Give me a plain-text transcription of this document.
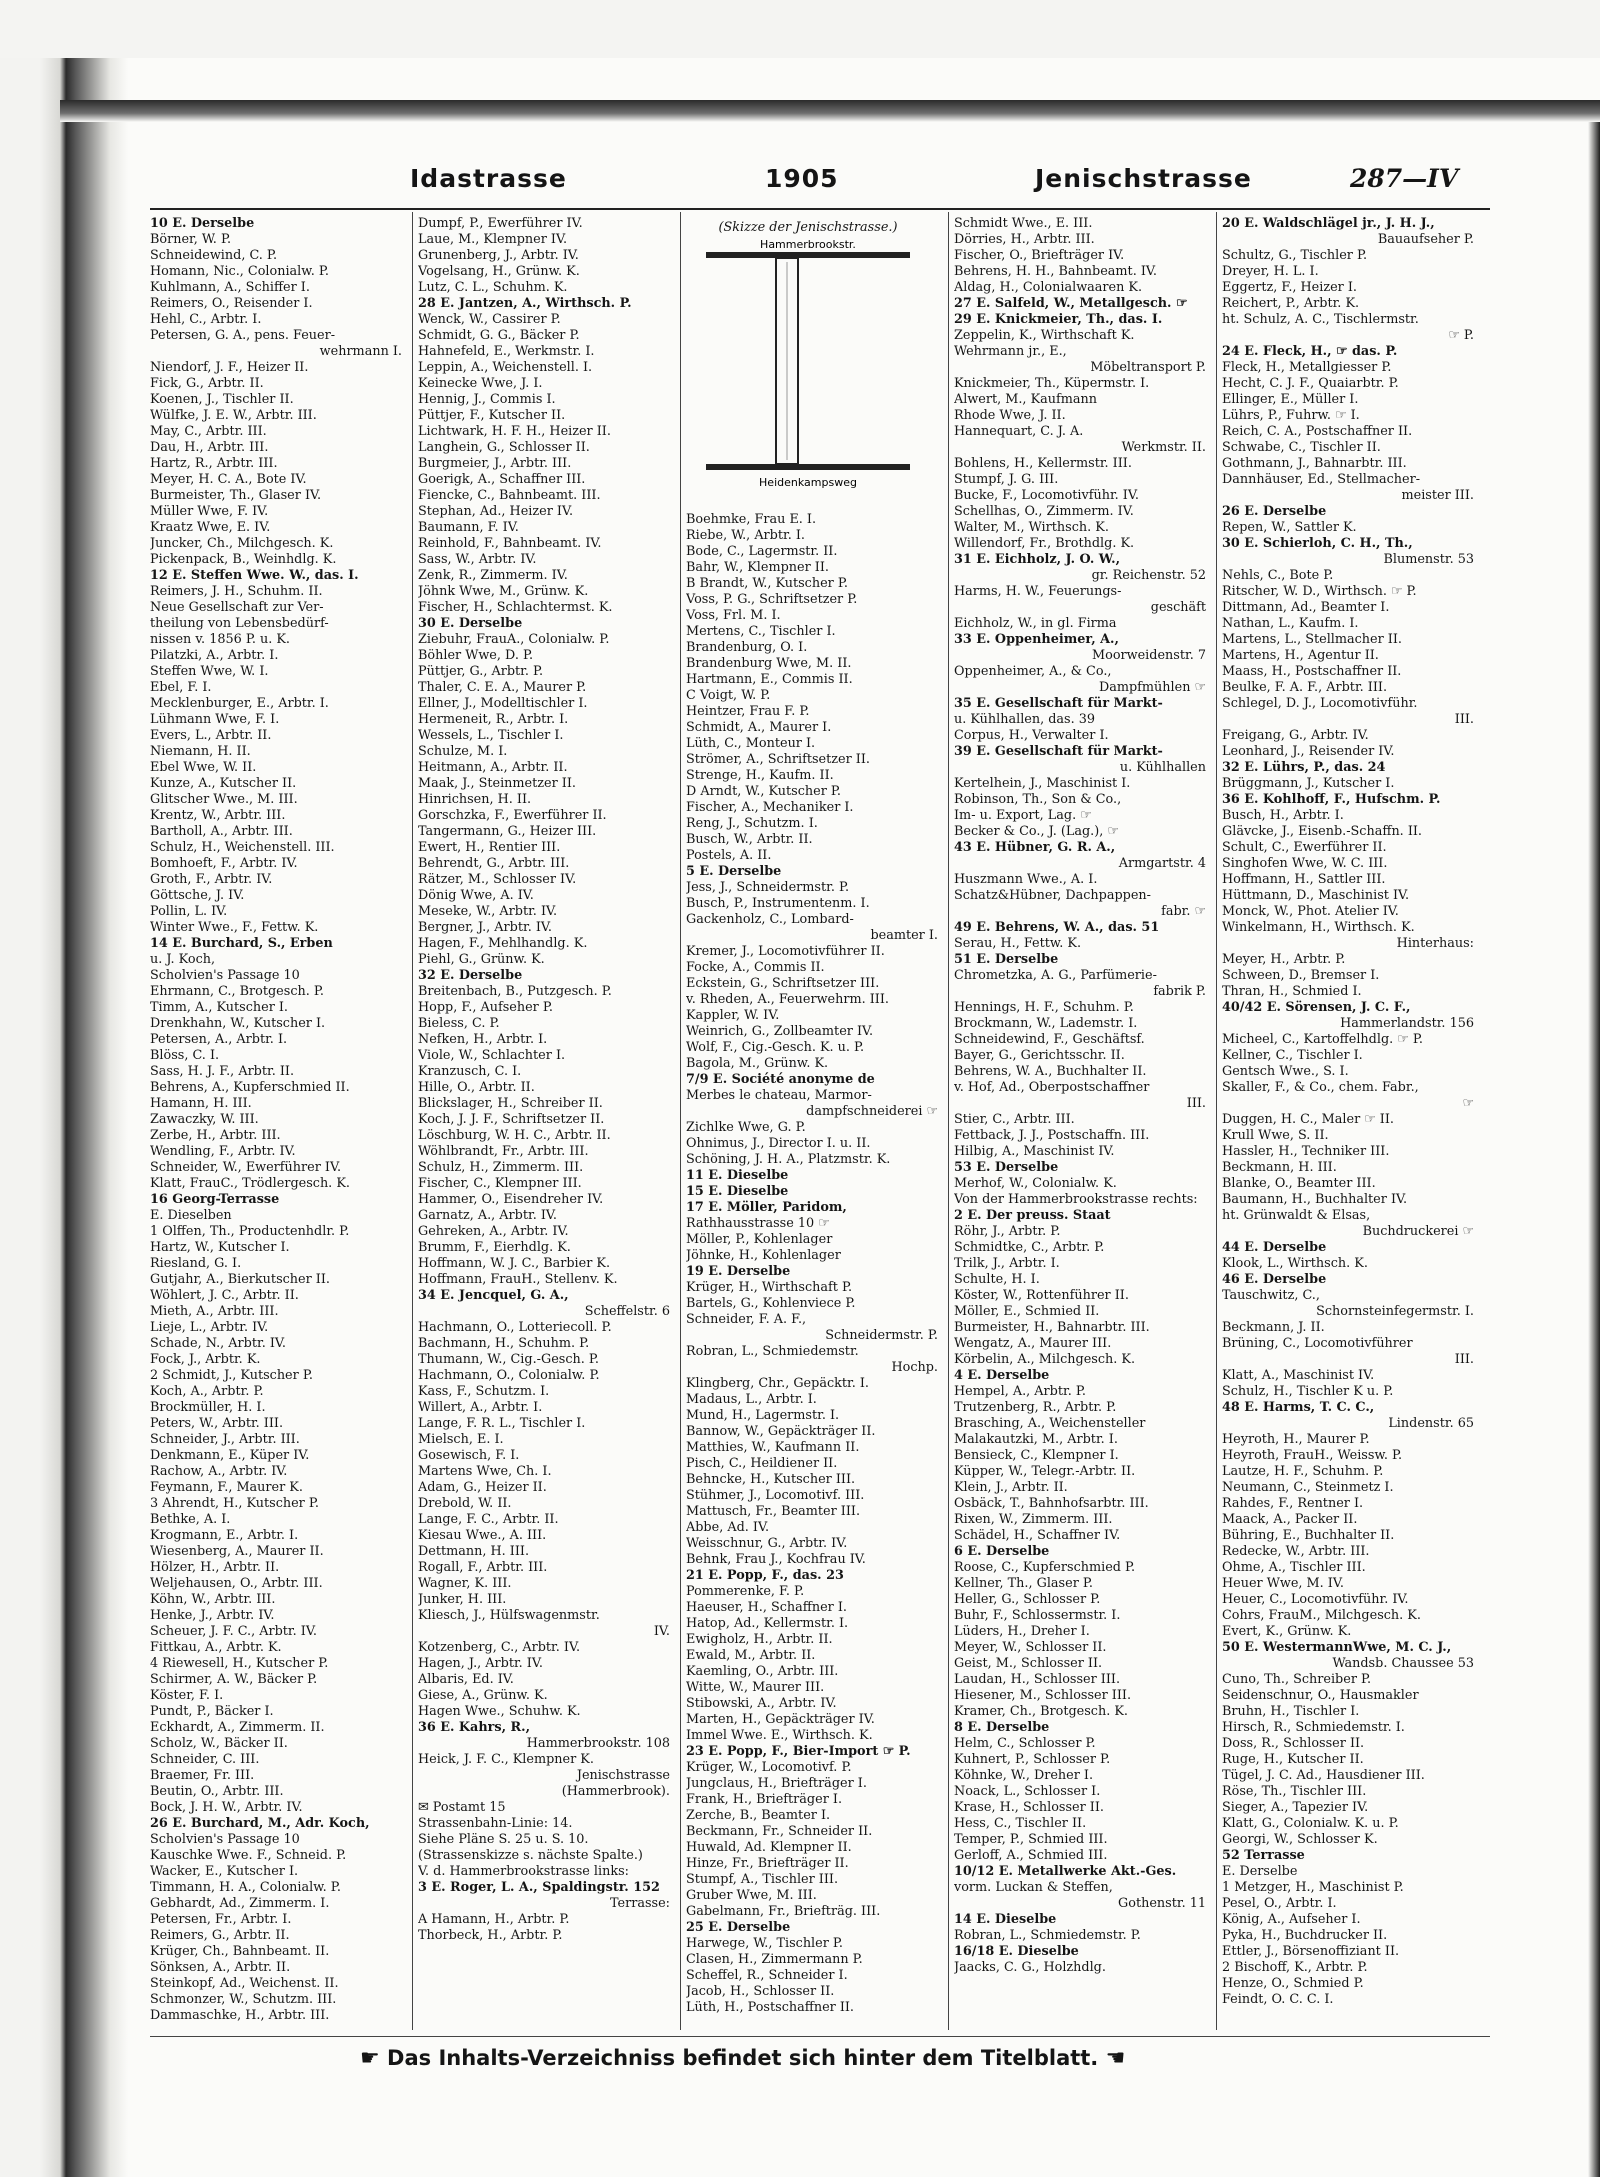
Idastrasse	1905	Jenischstrasse	287—IV
10 E. Derselbe
Börner, W. P.
Schneidewind, C. P.
Homann, Nic., Colonialw. P.
Kuhlmann, A., Schiffer I.
Reimers, O., Reisender I.
Hehl, C., Arbtr. I.
Petersen, G. A., pens. Feuer-
wehrmann I.
Niendorf, J. F., Heizer II.
Fick, G., Arbtr. II.
Koenen, J., Tischler II.
Wülfke, J. E. W., Arbtr. III.
May, C., Arbtr. III.
Dau, H., Arbtr. III.
Hartz, R., Arbtr. III.
Meyer, H. C. A., Bote IV.
Burmeister, Th., Glaser IV.
Müller Wwe, F. IV.
Kraatz Wwe, E. IV.
Juncker, Ch., Milchgesch. K.
Pickenpack, B., Weinhdlg. K.
12 E. Steffen Wwe. W., das. I.
Reimers, J. H., Schuhm. II.
Neue Gesellschaft zur Ver-
theilung von Lebensbedürf-
nissen v. 1856 P. u. K.
Pilatzki, A., Arbtr. I.
Steffen Wwe, W. I.
Ebel, F. I.
Mecklenburger, E., Arbtr. I.
Lühmann Wwe, F. I.
Evers, L., Arbtr. II.
Niemann, H. II.
Ebel Wwe, W. II.
Kunze, A., Kutscher II.
Glitscher Wwe., M. III.
Krentz, W., Arbtr. III.
Bartholl, A., Arbtr. III.
Schulz, H., Weichenstell. III.
Bomhoeft, F., Arbtr. IV.
Groth, F., Arbtr. IV.
Göttsche, J. IV.
Pollin, L. IV.
Winter Wwe., F., Fettw. K.
14 E. Burchard, S., Erben
u. J. Koch,
Scholvien's Passage 10
Ehrmann, C., Brotgesch. P.
Timm, A., Kutscher I.
Drenkhahn, W., Kutscher I.
Petersen, A., Arbtr. I.
Blöss, C. I.
Sass, H. J. F., Arbtr. II.
Behrens, A., Kupferschmied II.
Hamann, H. III.
Zawaczky, W. III.
Zerbe, H., Arbtr. III.
Wendling, F., Arbtr. IV.
Schneider, W., Ewerführer IV.
Klatt, FrauC., Trödlergesch. K.
16 Georg-Terrasse
E. Dieselben
1 Olffen, Th., Productenhdlr. P.
Hartz, W., Kutscher I.
Riesland, G. I.
Gutjahr, A., Bierkutscher II.
Wöhlert, J. C., Arbtr. II.
Mieth, A., Arbtr. III.
Lieje, L., Arbtr. IV.
Schade, N., Arbtr. IV.
Fock, J., Arbtr. K.
2 Schmidt, J., Kutscher P.
Koch, A., Arbtr. P.
Brockmüller, H. I.
Peters, W., Arbtr. III.
Schneider, J., Arbtr. III.
Denkmann, E., Küper IV.
Rachow, A., Arbtr. IV.
Feymann, F., Maurer K.
3 Ahrendt, H., Kutscher P.
Bethke, A. I.
Krogmann, E., Arbtr. I.
Wiesenberg, A., Maurer II.
Hölzer, H., Arbtr. II.
Weljehausen, O., Arbtr. III.
Köhn, W., Arbtr. III.
Henke, J., Arbtr. IV.
Scheuer, J. F. C., Arbtr. IV.
Fittkau, A., Arbtr. K.
4 Riewesell, H., Kutscher P.
Schirmer, A. W., Bäcker P.
Köster, F. I.
Pundt, P., Bäcker I.
Eckhardt, A., Zimmerm. II.
Scholz, W., Bäcker II.
Schneider, C. III.
Braemer, Fr. III.
Beutin, O., Arbtr. III.
Bock, J. H. W., Arbtr. IV.
26 E. Burchard, M., Adr. Koch,
Scholvien's Passage 10
Kauschke Wwe. F., Schneid. P.
Wacker, E., Kutscher I.
Timmann, H. A., Colonialw. P.
Gebhardt, Ad., Zimmerm. I.
Petersen, Fr., Arbtr. I.
Reimers, G., Arbtr. II.
Krüger, Ch., Bahnbeamt. II.
Sönksen, A., Arbtr. II.
Steinkopf, Ad., Weichenst. II.
Schmonzer, W., Schutzm. III.
Dammaschke, H., Arbtr. III.
Dumpf, P., Ewerführer IV.
Laue, M., Klempner IV.
Grunenberg, J., Arbtr. IV.
Vogelsang, H., Grünw. K.
Lutz, C. L., Schuhm. K.
28 E. Jantzen, A., Wirthsch. P.
Wenck, W., Cassirer P.
Schmidt, G. G., Bäcker P.
Hahnefeld, E., Werkmstr. I.
Leppin, A., Weichenstell. I.
Keinecke Wwe, J. I.
Hennig, J., Commis I.
Püttjer, F., Kutscher II.
Lichtwark, H. F. H., Heizer II.
Langhein, G., Schlosser II.
Burgmeier, J., Arbtr. III.
Goerigk, A., Schaffner III.
Fiencke, C., Bahnbeamt. III.
Stephan, Ad., Heizer IV.
Baumann, F. IV.
Reinhold, F., Bahnbeamt. IV.
Sass, W., Arbtr. IV.
Zenk, R., Zimmerm. IV.
Jöhnk Wwe, M., Grünw. K.
Fischer, H., Schlachtermst. K.
30 E. Derselbe
Ziebuhr, FrauA., Colonialw. P.
Böhler Wwe, D. P.
Püttjer, G., Arbtr. P.
Thaler, C. E. A., Maurer P.
Ellner, J., Modelltischler I.
Hermeneit, R., Arbtr. I.
Wessels, L., Tischler I.
Schulze, M. I.
Heitmann, A., Arbtr. II.
Maak, J., Steinmetzer II.
Hinrichsen, H. II.
Gorschzka, F., Ewerführer II.
Tangermann, G., Heizer III.
Ewert, H., Rentier III.
Behrendt, G., Arbtr. III.
Rätzer, M., Schlosser IV.
Dönig Wwe, A. IV.
Meseke, W., Arbtr. IV.
Bergner, J., Arbtr. IV.
Hagen, F., Mehlhandlg. K.
Piehl, G., Grünw. K.
32 E. Derselbe
Breitenbach, B., Putzgesch. P.
Hopp, F., Aufseher P.
Bieless, C. P.
Nefken, H., Arbtr. I.
Viole, W., Schlachter I.
Kranzusch, C. I.
Hille, O., Arbtr. II.
Blickslager, H., Schreiber II.
Koch, J. J. F., Schriftsetzer II.
Löschburg, W. H. C., Arbtr. II.
Wöhlbrandt, Fr., Arbtr. III.
Schulz, H., Zimmerm. III.
Fischer, C., Klempner III.
Hammer, O., Eisendreher IV.
Garnatz, A., Arbtr. IV.
Gehreken, A., Arbtr. IV.
Brumm, F., Eierhdlg. K.
Hoffmann, W. J. C., Barbier K.
Hoffmann, FrauH., Stellenv. K.
34 E. Jencquel, G. A.,
Scheffelstr. 6
Hachmann, O., Lotteriecoll. P.
Bachmann, H., Schuhm. P.
Thumann, W., Cig.-Gesch. P.
Hachmann, O., Colonialw. P.
Kass, F., Schutzm. I.
Willert, A., Arbtr. I.
Lange, F. R. L., Tischler I.
Mielsch, E. I.
Gosewisch, F. I.
Martens Wwe, Ch. I.
Adam, G., Heizer II.
Drebold, W. II.
Lange, F. C., Arbtr. II.
Kiesau Wwe., A. III.
Dettmann, H. III.
Rogall, F., Arbtr. III.
Wagner, K. III.
Junker, H. III.
Kliesch, J., Hülfswagenmstr.
IV.
Kotzenberg, C., Arbtr. IV.
Hagen, J., Arbtr. IV.
Albaris, Ed. IV.
Giese, A., Grünw. K.
Hagen Wwe., Schuhw. K.
36 E. Kahrs, R.,
Hammerbrookstr. 108
Heick, J. F. C., Klempner K.
Jenischstrasse
(Hammerbrook).
✉ Postamt 15
Strassenbahn-Linie: 14.
Siehe Pläne S. 25 u. S. 10.
(Strassenskizze s. nächste Spalte.)
V. d. Hammerbrookstrasse links:
3 E. Roger, L. A., Spaldingstr. 152
Terrasse:
A Hamann, H., Arbtr. P.
Thorbeck, H., Arbtr. P.
(Skizze der Jenischstrasse.)
Hammerbrookstr.
Heidenkampsweg
Boehmke, Frau E. I.
Riebe, W., Arbtr. I.
Bode, C., Lagermstr. II.
Bahr, W., Klempner II.
B Brandt, W., Kutscher P.
Voss, P. G., Schriftsetzer P.
Voss, Frl. M. I.
Mertens, C., Tischler I.
Brandenburg, O. I.
Brandenburg Wwe, M. II.
Hartmann, E., Commis II.
C Voigt, W. P.
Heintzer, Frau F. P.
Schmidt, A., Maurer I.
Lüth, C., Monteur I.
Strömer, A., Schriftsetzer II.
Strenge, H., Kaufm. II.
D Arndt, W., Kutscher P.
Fischer, A., Mechaniker I.
Reng, J., Schutzm. I.
Busch, W., Arbtr. II.
Postels, A. II.
5 E. Derselbe
Jess, J., Schneidermstr. P.
Busch, P., Instrumentenm. I.
Gackenholz, C., Lombard-
beamter I.
Kremer, J., Locomotivführer II.
Focke, A., Commis II.
Eckstein, G., Schriftsetzer III.
v. Rheden, A., Feuerwehrm. III.
Kappler, W. IV.
Weinrich, G., Zollbeamter IV.
Wolf, F., Cig.-Gesch. K. u. P.
Bagola, M., Grünw. K.
7/9 E. Société anonyme de
Merbes le chateau, Marmor-
dampfschneiderei ☞
Zichlke Wwe, G. P.
Ohnimus, J., Director I. u. II.
Schöning, J. H. A., Platzmstr. K.
11 E. Dieselbe
15 E. Dieselbe
17 E. Möller, Paridom,
Rathhausstrasse 10 ☞
Möller, P., Kohlenlager
Jöhnke, H., Kohlenlager
19 E. Derselbe
Krüger, H., Wirthschaft P.
Bartels, G., Kohlenviece P.
Schneider, F. A. F.,
Schneidermstr. P.
Robran, L., Schmiedemstr.
Hochp.
Klingberg, Chr., Gepäcktr. I.
Madaus, L., Arbtr. I.
Mund, H., Lagermstr. I.
Bannow, W., Gepäckträger II.
Matthies, W., Kaufmann II.
Pisch, C., Heildiener II.
Behncke, H., Kutscher III.
Stühmer, J., Locomotivf. III.
Mattusch, Fr., Beamter III.
Abbe, Ad. IV.
Weisschnur, G., Arbtr. IV.
Behnk, Frau J., Kochfrau IV.
21 E. Popp, F., das. 23
Pommerenke, F. P.
Haeuser, H., Schaffner I.
Hatop, Ad., Kellermstr. I.
Ewigholz, H., Arbtr. II.
Ewald, M., Arbtr. II.
Kaemling, O., Arbtr. III.
Witte, W., Maurer III.
Stibowski, A., Arbtr. IV.
Marten, H., Gepäckträger IV.
Immel Wwe. E., Wirthsch. K.
23 E. Popp, F., Bier-Import ☞ P.
Krüger, W., Locomotivf. P.
Jungclaus, H., Briefträger I.
Frank, H., Briefträger I.
Zerche, B., Beamter I.
Beckmann, Fr., Schneider II.
Huwald, Ad. Klempner II.
Hinze, Fr., Briefträger II.
Stumpf, A., Tischler III.
Gruber Wwe, M. III.
Gabelmann, Fr., Briefträg. III.
25 E. Derselbe
Harwege, W., Tischler P.
Clasen, H., Zimmermann P.
Scheffel, R., Schneider I.
Jacob, H., Schlosser II.
Lüth, H., Postschaffner II.
Schmidt Wwe., E. III.
Dörries, H., Arbtr. III.
Fischer, O., Briefträger IV.
Behrens, H. H., Bahnbeamt. IV.
Aldag, H., Colonialwaaren K.
27 E. Salfeld, W., Metallgesch. ☞
29 E. Knickmeier, Th., das. I.
Zeppelin, K., Wirthschaft K.
Wehrmann jr., E.,
Möbeltransport P.
Knickmeier, Th., Küpermstr. I.
Alwert, M., Kaufmann
Rhode Wwe, J. II.
Hannequart, C. J. A.
Werkmstr. II.
Bohlens, H., Kellermstr. III.
Stumpf, J. G. III.
Bucke, F., Locomotivführ. IV.
Schellhas, O., Zimmerm. IV.
Walter, M., Wirthsch. K.
Willendorf, Fr., Brothdlg. K.
31 E. Eichholz, J. O. W.,
gr. Reichenstr. 52
Harms, H. W., Feuerungs-
geschäft
Eichholz, W., in gl. Firma
33 E. Oppenheimer, A.,
Moorweidenstr. 7
Oppenheimer, A., & Co.,
Dampfmühlen ☞
35 E. Gesellschaft für Markt-
u. Kühlhallen, das. 39
Corpus, H., Verwalter I.
39 E. Gesellschaft für Markt-
u. Kühlhallen
Kertelhein, J., Maschinist I.
Robinson, Th., Son & Co.,
Im- u. Export, Lag. ☞
Becker & Co., J. (Lag.), ☞
43 E. Hübner, G. R. A.,
Armgartstr. 4
Huszmann Wwe., A. I.
Schatz&Hübner, Dachpappen-
fabr. ☞
49 E. Behrens, W. A., das. 51
Serau, H., Fettw. K.
51 E. Derselbe
Chrometzka, A. G., Parfümerie-
fabrik P.
Hennings, H. F., Schuhm. P.
Brockmann, W., Lademstr. I.
Schneidewind, F., Geschäftsf.
Bayer, G., Gerichtsschr. II.
Behrens, W. A., Buchhalter II.
v. Hof, Ad., Oberpostschaffner
III.
Stier, C., Arbtr. III.
Fettback, J. J., Postschaffn. III.
Hilbig, A., Maschinist IV.
53 E. Derselbe
Merhof, W., Colonialw. K.
Von der Hammerbrookstrasse rechts:
2 E. Der preuss. Staat
Röhr, J., Arbtr. P.
Schmidtke, C., Arbtr. P.
Trilk, J., Arbtr. I.
Schulte, H. I.
Köster, W., Rottenführer II.
Möller, E., Schmied II.
Burmeister, H., Bahnarbtr. III.
Wengatz, A., Maurer III.
Körbelin, A., Milchgesch. K.
4 E. Derselbe
Hempel, A., Arbtr. P.
Trutzenberg, R., Arbtr. P.
Brasching, A., Weichensteller
Malakautzki, M., Arbtr. I.
Bensieck, C., Klempner I.
Küpper, W., Telegr.-Arbtr. II.
Klein, J., Arbtr. II.
Osbäck, T., Bahnhofsarbtr. III.
Rixen, W., Zimmerm. III.
Schädel, H., Schaffner IV.
6 E. Derselbe
Roose, C., Kupferschmied P.
Kellner, Th., Glaser P.
Heller, G., Schlosser P.
Buhr, F., Schlossermstr. I.
Lüders, H., Dreher I.
Meyer, W., Schlosser II.
Geist, M., Schlosser II.
Laudan, H., Schlosser III.
Hiesener, M., Schlosser III.
Kramer, Ch., Brotgesch. K.
8 E. Derselbe
Helm, C., Schlosser P.
Kuhnert, P., Schlosser P.
Köhnke, W., Dreher I.
Noack, L., Schlosser I.
Krase, H., Schlosser II.
Hess, C., Tischler II.
Temper, P., Schmied III.
Gerloff, A., Schmied III.
10/12 E. Metallwerke Akt.-Ges.
vorm. Luckan & Steffen,
Gothenstr. 11
14 E. Dieselbe
Robran, L., Schmiedemstr. P.
16/18 E. Dieselbe
Jaacks, C. G., Holzhdlg.
20 E. Waldschlägel jr., J. H. J.,
Bauaufseher P.
Schultz, G., Tischler P.
Dreyer, H. L. I.
Eggertz, F., Heizer I.
Reichert, P., Arbtr. K.
ht. Schulz, A. C., Tischlermstr.
☞ P.
24 E. Fleck, H., ☞ das. P.
Fleck, H., Metallgiesser P.
Hecht, C. J. F., Quaiarbtr. P.
Ellinger, E., Müller I.
Lührs, P., Fuhrw. ☞ I.
Reich, C. A., Postschaffner II.
Schwabe, C., Tischler II.
Gothmann, J., Bahnarbtr. III.
Dannhäuser, Ed., Stellmacher-
meister III.
26 E. Derselbe
Repen, W., Sattler K.
30 E. Schierloh, C. H., Th.,
Blumenstr. 53
Nehls, C., Bote P.
Ritscher, W. D., Wirthsch. ☞ P.
Dittmann, Ad., Beamter I.
Nathan, L., Kaufm. I.
Martens, L., Stellmacher II.
Martens, H., Agentur II.
Maass, H., Postschaffner II.
Beulke, F. A. F., Arbtr. III.
Schlegel, D. J., Locomotivführ.
III.
Freigang, G., Arbtr. IV.
Leonhard, J., Reisender IV.
32 E. Lührs, P., das. 24
Brüggmann, J., Kutscher I.
36 E. Kohlhoff, F., Hufschm. P.
Busch, H., Arbtr. I.
Glävcke, J., Eisenb.-Schaffn. II.
Schult, C., Ewerführer II.
Singhofen Wwe, W. C. III.
Hoffmann, H., Sattler III.
Hüttmann, D., Maschinist IV.
Monck, W., Phot. Atelier IV.
Winkelmann, H., Wirthsch. K.
Hinterhaus:
Meyer, H., Arbtr. P.
Schween, D., Bremser I.
Thran, H., Schmied I.
40/42 E. Sörensen, J. C. F.,
Hammerlandstr. 156
Micheel, C., Kartoffelhdlg. ☞ P.
Kellner, C., Tischler I.
Gentsch Wwe., S. I.
Skaller, F., & Co., chem. Fabr.,
☞
Duggen, H. C., Maler ☞ II.
Krull Wwe, S. II.
Hassler, H., Techniker III.
Beckmann, H. III.
Blanke, O., Beamter III.
Baumann, H., Buchhalter IV.
ht. Grünwaldt & Elsas,
Buchdruckerei ☞
44 E. Derselbe
Klook, L., Wirthsch. K.
46 E. Derselbe
Tauschwitz, C.,
Schornsteinfegermstr. I.
Beckmann, J. II.
Brüning, C., Locomotivführer
III.
Klatt, A., Maschinist IV.
Schulz, H., Tischler K u. P.
48 E. Harms, T. C. C.,
Lindenstr. 65
Heyroth, H., Maurer P.
Heyroth, FrauH., Weissw. P.
Lautze, H. F., Schuhm. P.
Neumann, C., Steinmetz I.
Rahdes, F., Rentner I.
Maack, A., Packer II.
Bühring, E., Buchhalter II.
Redecke, W., Arbtr. III.
Ohme, A., Tischler III.
Heuer Wwe, M. IV.
Heuer, C., Locomotivführ. IV.
Cohrs, FrauM., Milchgesch. K.
Evert, K., Grünw. K.
50 E. WestermannWwe, M. C. J.,
Wandsb. Chaussee 53
Cuno, Th., Schreiber P.
Seidenschnur, O., Hausmakler
Bruhn, H., Tischler I.
Hirsch, R., Schmiedemstr. I.
Doss, R., Schlosser II.
Ruge, H., Kutscher II.
Tügel, J. C. Ad., Hausdiener III.
Röse, Th., Tischler III.
Sieger, A., Tapezier IV.
Klatt, G., Colonialw. K. u. P.
Georgi, W., Schlosser K.
52 Terrasse
E. Derselbe
1 Metzger, H., Maschinist P.
Pesel, O., Arbtr. I.
König, A., Aufseher I.
Pyka, H., Buchdrucker II.
Ettler, J., Börsenoffiziant II.
2 Bischoff, K., Arbtr. P.
Henze, O., Schmied P.
Feindt, O. C. C. I.
☛ Das Inhalts-Verzeichniss befindet sich hinter dem Titelblatt. ☚
